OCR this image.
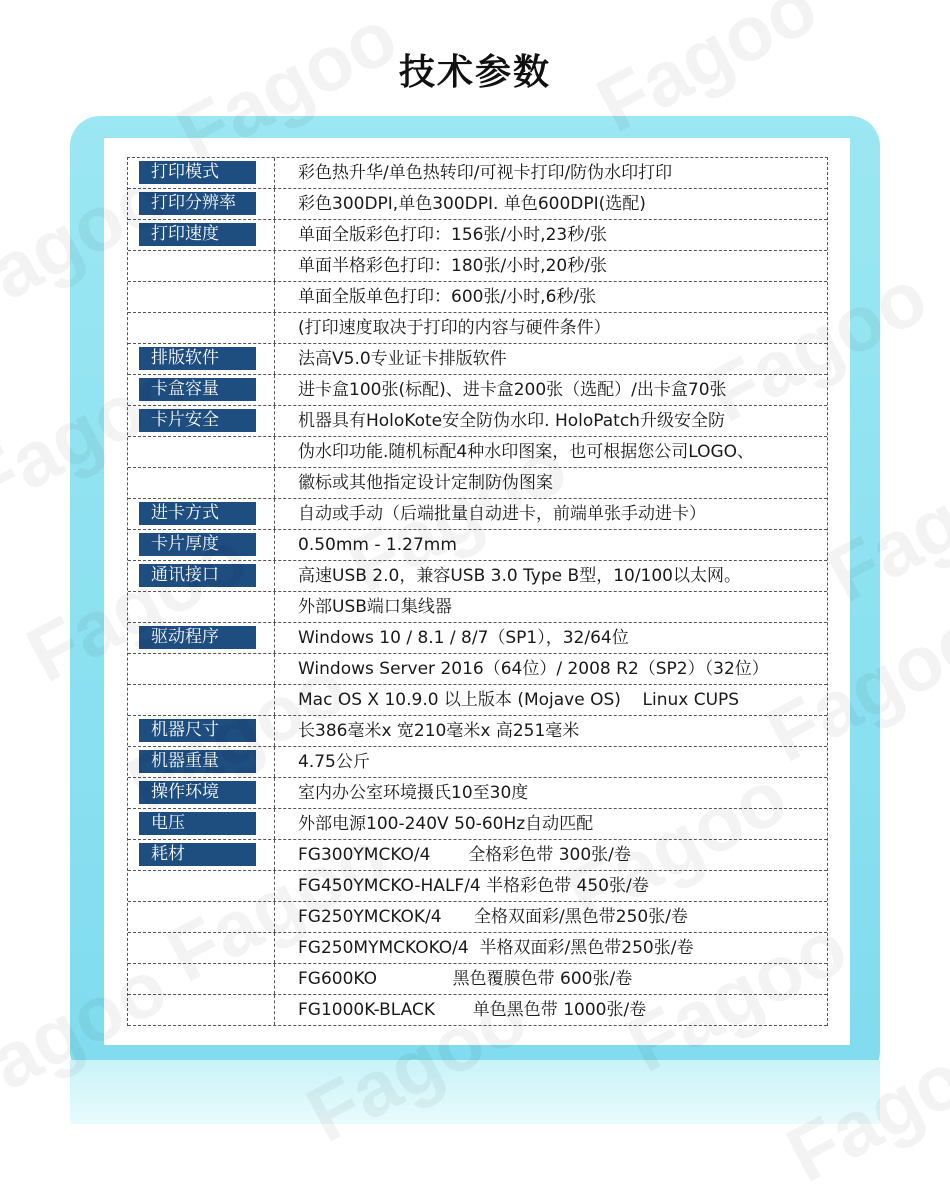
技术参数
打印模式	彩色热升华/单色热转印/可视卡打印/防伪水印打印
打印分辨率	彩色300DPI,单色300DPI. 单色600DPI(选配)
打印速度	单面全版彩色打印：156张/小时,23秒/张
单面半格彩色打印：180张/小时,20秒/张
单面全版单色打印：600张/小时,6秒/张
(打印速度取决于打印的内容与硬件条件）
排版软件	法高V5.0专业证卡排版软件
卡盒容量	进卡盒100张(标配)、进卡盒200张（选配）/出卡盒70张
卡片安全	机器具有HoloKote安全防伪水印. HoloPatch升级安全防
伪水印功能.随机标配4种水印图案，也可根据您公司LOGO、
徽标或其他指定设计定制防伪图案
进卡方式	自动或手动（后端批量自动进卡，前端单张手动进卡）
卡片厚度	0.50mm - 1.27mm
通讯接口	高速USB 2.0，兼容USB 3.0 Type B型，10/100以太网。
外部USB端口集线器
驱动程序	Windows 10 / 8.1 / 8/7（SP1），32/64位
Windows Server 2016（64位）/ 2008 R2（SP2）（32位）
Mac OS X 10.9.0 以上版本 (Mojave OS)    Linux CUPS
机器尺寸	长386毫米x 宽210毫米x 高251毫米
机器重量	4.75公斤
操作环境	室内办公室环境摄氏10至30度
电压	外部电源100-240V 50-60Hz自动匹配
耗材	FG300YMCKO/4       全格彩色带 300张/卷
FG450YMCKO-HALF/4 半格彩色带 450张/卷
FG250YMCKOK/4      全格双面彩/黑色带250张/卷
FG250MYMCKOKO/4  半格双面彩/黑色带250张/卷
FG600KO              黑色覆膜色带 600张/卷
FG1000K-BLACK       单色黑色带 1000张/卷
